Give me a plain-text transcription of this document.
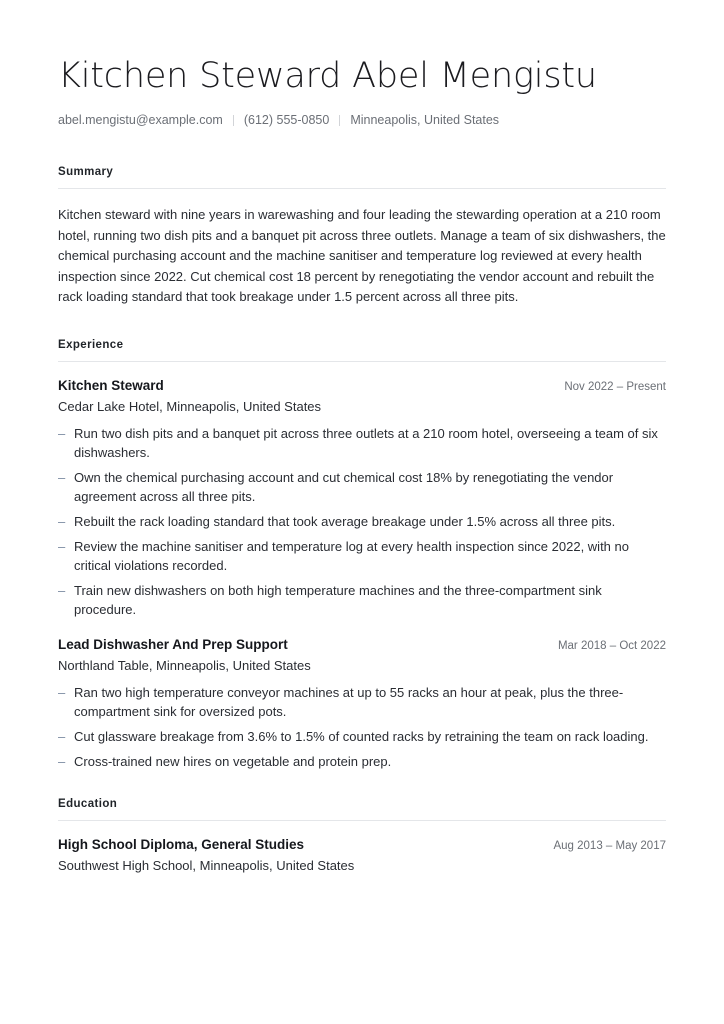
Kitchen Steward Abel Mengistu
abel.mengistu@example.com (612) 555-0850 Minneapolis, United States
Summary

Kitchen steward with nine years in warewashing and four leading the stewarding operation at a 210 room hotel, running two dish pits and a banquet pit across three outlets. Manage a team of six dishwashers, the chemical purchasing account and the machine sanitiser and temperature log reviewed at every health inspection since 2022. Cut chemical cost 18 percent by renegotiating the vendor account and rebuilt the rack loading standard that took breakage under 1.5 percent across all three pits.

Experience
Kitchen Steward	Nov 2022 – Present
Cedar Lake Hotel, Minneapolis, United States
– Run two dish pits and a banquet pit across three outlets at a 210 room hotel, overseeing a team of six dishwashers.
– Own the chemical purchasing account and cut chemical cost 18% by renegotiating the vendor agreement across all three pits.
– Rebuilt the rack loading standard that took average breakage under 1.5% across all three pits.
– Review the machine sanitiser and temperature log at every health inspection since 2022, with no critical violations recorded.
– Train new dishwashers on both high temperature machines and the three-compartment sink procedure.
Lead Dishwasher And Prep Support	Mar 2018 – Oct 2022
Northland Table, Minneapolis, United States
– Ran two high temperature conveyor machines at up to 55 racks an hour at peak, plus the three-compartment sink for oversized pots.
– Cut glassware breakage from 3.6% to 1.5% of counted racks by retraining the team on rack loading.
– Cross-trained new hires on vegetable and protein prep.
Education
High School Diploma, General Studies	Aug 2013 – May 2017
Southwest High School, Minneapolis, United States
